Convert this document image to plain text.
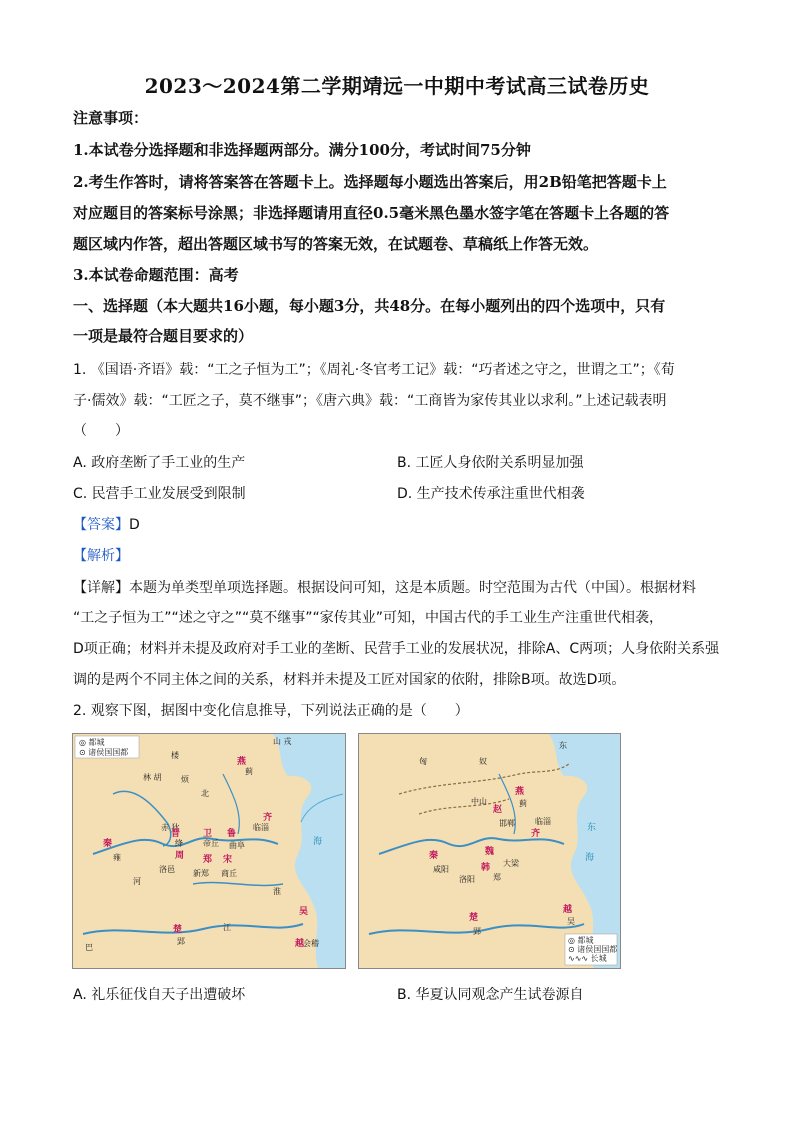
2023～2024第二学期靖远一中期中考试高三试卷历史
注意事项：
1.本试卷分选择题和非选择题两部分。满分100分，考试时间75分钟
2.考生作答时，请将答案答在答题卡上。选择题每小题选出答案后，用2B铅笔把答题卡上
对应题目的答案标号涂黑；非选择题请用直径0.5毫米黑色墨水签字笔在答题卡上各题的答
题区域内作答，超出答题区域书写的答案无效，在试题卷、草稿纸上作答无效。
3.本试卷命题范围：高考
一、选择题（本大题共16小题，每小题3分，共48分。在每小题列出的四个选项中，只有
一项是最符合题目要求的）
1. 《国语·齐语》载：“工之子恒为工”；《周礼·冬官考工记》载：“巧者述之守之，世谓之工”；《荀
子·儒效》载：“工匠之子，莫不继事”；《唐六典》载：“工商皆为家传其业以求利。”上述记载表明
（　　）
A. 政府垄断了手工业的生产	B. 工匠人身依附关系明显加强
C. 民营手工业发展受到限制	D. 生产技术传承注重世代相袭
【答案】D
【解析】
【详解】本题为单类型单项选择题。根据设问可知，这是本质题。时空范围为古代（中国）。根据材料
“工之子恒为工”“述之守之”“莫不继事”“家传其业”可知，中国古代的手工业生产注重世代相袭，
D项正确；材料并未提及政府对手工业的垄断、民营手工业的发展状况，排除A、C两项；人身依附关系强
调的是两个不同主体之间的关系，材料并未提及工匠对国家的依附，排除B项。故选D项。
2. 观察下图，据图中变化信息推导，下列说法正确的是（　　）
◎ 都城
⊙ 诸侯国国都	楼
林 胡 烦
北
山 戎
燕
蓟
赤 狄	临淄
齐
晋	鲁
曲阜
绛	帝丘
卫
郑 宋
秦
周
洛邑 新郑 商丘
雍
巴
楚
郢
吴
会稽
越
江
淮
河
海
东
匈	奴
燕
蓟
赵
邯郸
中山
齐
临淄
魏
大梁
韩
郑
秦
咸阳
洛阳
楚
郢
越
吴
海
东
◎ 都城
⊙ 诸侯国国都
∿∿∿ 长城
A. 礼乐征伐自天子出遭破坏	B. 华夏认同观念产生试卷源自
